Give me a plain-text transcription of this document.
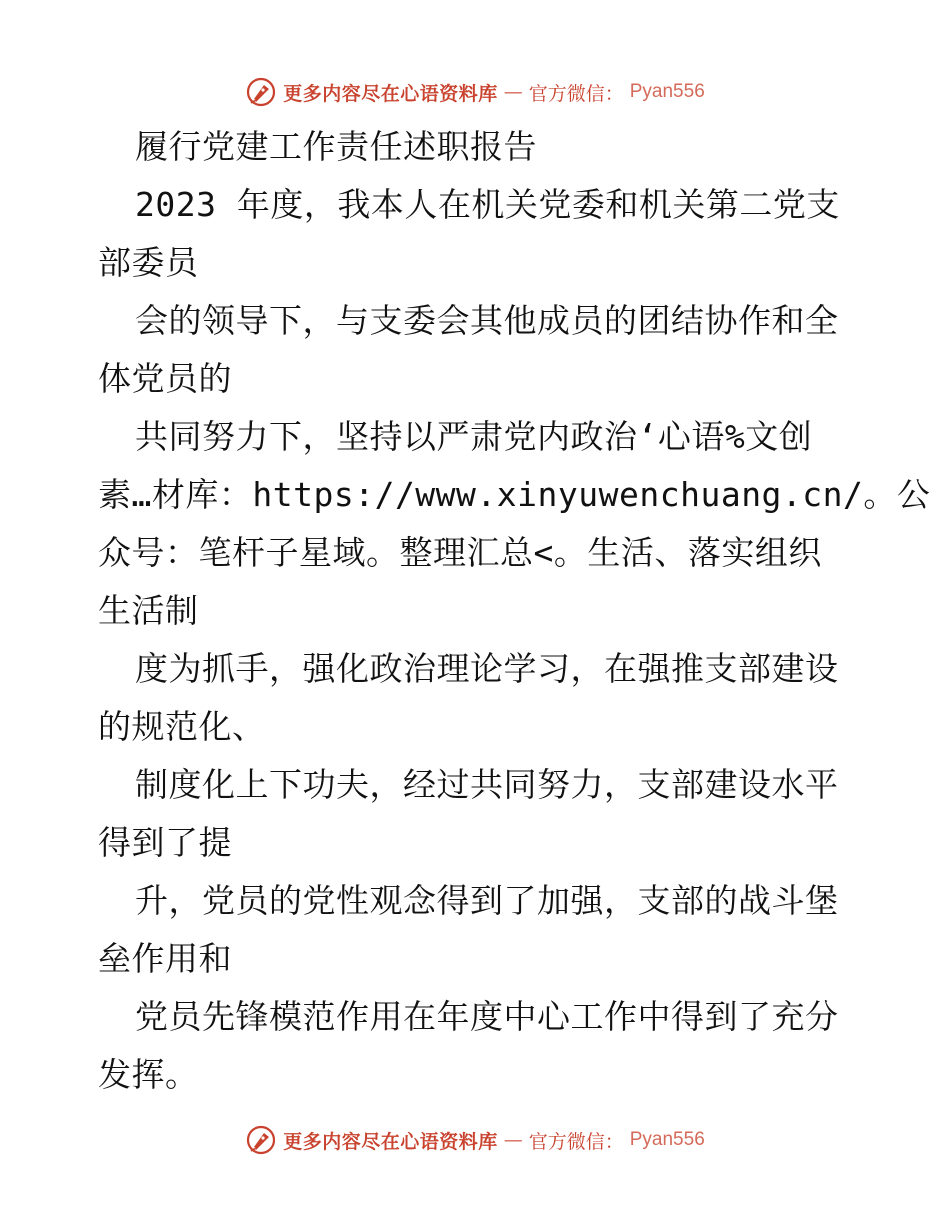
更多内容尽在心语资料库 — 官方微信： Pyan556
履行党建工作责任述职报告
2023 年度，我本人在机关党委和机关第二党支
部委员
会的领导下，与支委会其他成员的团结协作和全
体党员的
共同努力下，坚持以严肃党内政治‘心语%文创
素…材库：https://www.xinyuwenchuang.cn/。公
众号：笔杆子星域。整理汇总<。生活、落实组织
生活制
度为抓手，强化政治理论学习，在强推支部建设
的规范化、
制度化上下功夫，经过共同努力，支部建设水平
得到了提
升，党员的党性观念得到了加强，支部的战斗堡
垒作用和
党员先锋模范作用在年度中心工作中得到了充分
发挥。
更多内容尽在心语资料库 — 官方微信： Pyan556
